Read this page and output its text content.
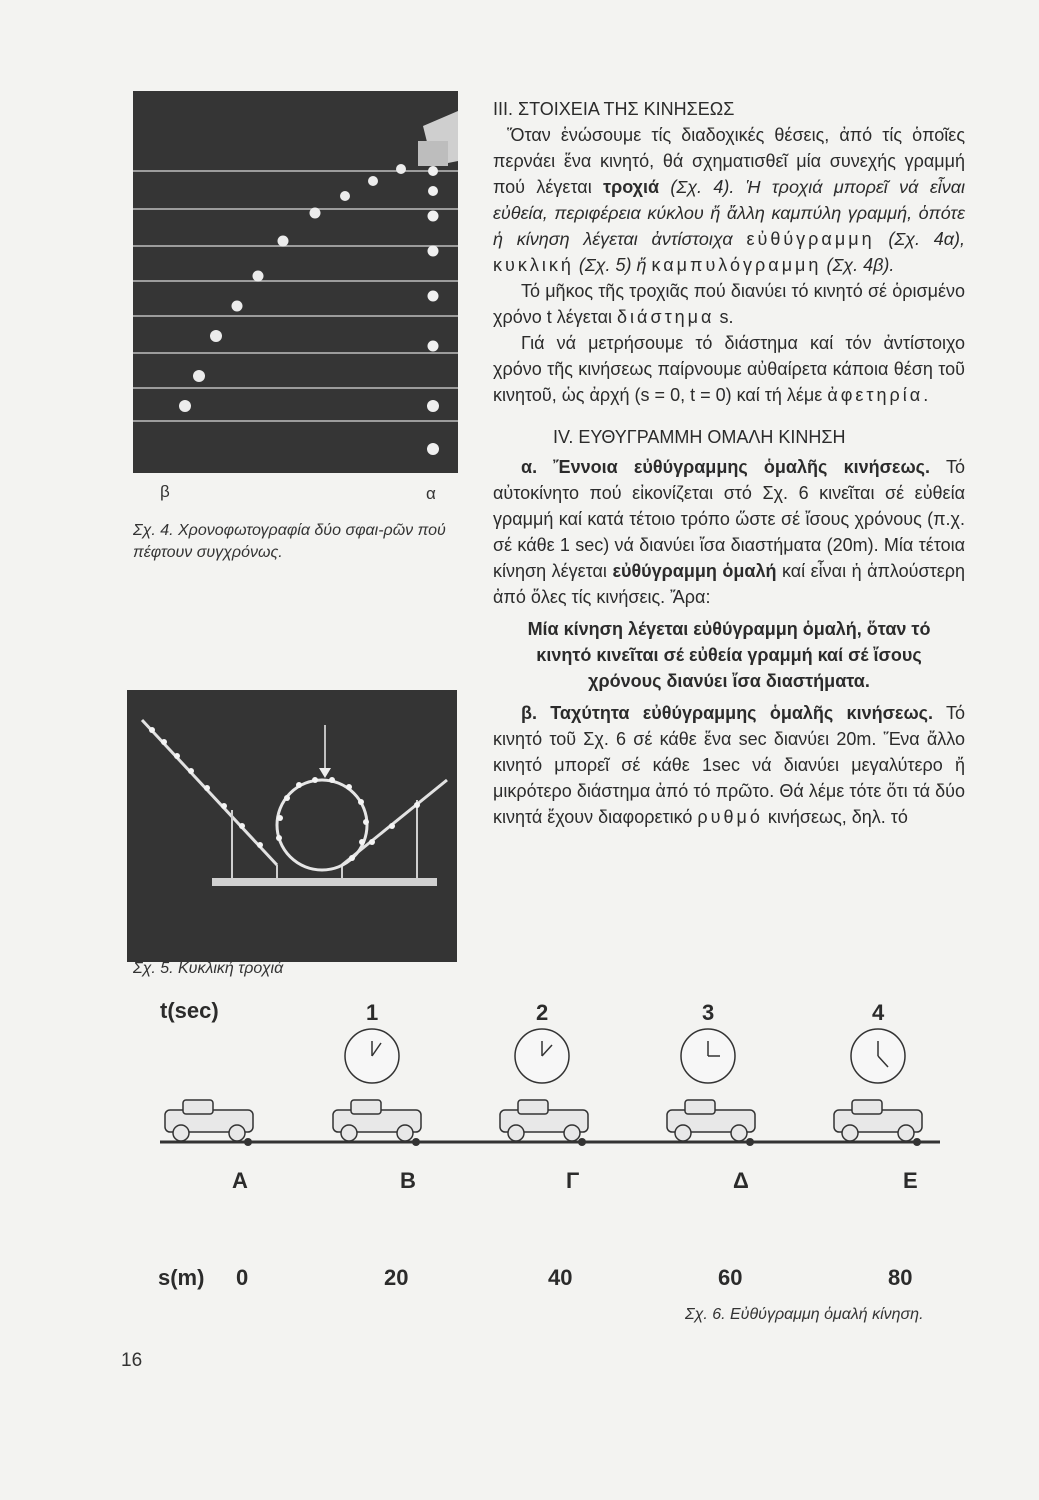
β	α
Σχ. 4. Χρονοφωτογραφία δύο σφαι-ρῶν πού πέφτουν συγχρόνως.
Σχ. 5. Κυκλική τροχιά

III. ΣΤΟΙΧΕΙΑ ΤΗΣ ΚΙΝΗΣΕΩΣ

Ὅταν ἑνώσουμε τίς διαδοχικές θέσεις, ἀπό τίς ὁποῖες περνάει ἕνα κινητό, θά σχηματισθεῖ μία συνεχής γραμμή πού λέγεται τροχιά (Σχ. 4). Ἡ τροχιά μπορεῖ νά εἶναι εὐθεία, περιφέρεια κύκλου ἤ ἄλλη καμπύλη γραμμή, ὁπότε ἡ κίνηση λέγεται ἀντίστοιχα εὐθύγραμμη (Σχ. 4α), κυκλική (Σχ. 5) ἤ καμπυλόγραμμη (Σχ. 4β).

Τό μῆκος τῆς τροχιᾶς πού διανύει τό κινητό σέ ὁρισμένο χρόνο t λέγεται διάστημα s.

Γιά νά μετρήσουμε τό διάστημα καί τόν ἀντίστοιχο χρόνο τῆς κινήσεως παίρνουμε αὐθαίρετα κάποια θέση τοῦ κινητοῦ, ὡς ἀρχή (s = 0, t = 0) καί τή λέμε ἀφετηρία.

IV. ΕΥΘΥΓΡΑΜΜΗ ΟΜΑΛΗ ΚΙΝΗΣΗ

α. Ἔννοια εὐθύγραμμης ὁμαλῆς κινήσεως. Τό αὐτοκίνητο πού εἰκονίζεται στό Σχ. 6 κινεῖται σέ εὐθεία γραμμή καί κατά τέτοιο τρόπο ὥστε σέ ἴσους χρόνους (π.χ. σέ κάθε 1 sec) νά διανύει ἴσα διαστήματα (20m). Μία τέτοια κίνηση λέγεται εὐθύγραμμη ὁμαλή καί εἶναι ἡ ἁπλούστερη ἀπό ὅλες τίς κινήσεις. Ἄρα:

Μία κίνηση λέγεται εὐθύγραμμη ὁμαλή, ὅταν τό κινητό κινεῖται σέ εὐθεία γραμμή καί σέ ἴσους χρόνους διανύει ἴσα διαστήματα.

β. Ταχύτητα εὐθύγραμμης ὁμαλῆς κινήσεως. Τό κινητό τοῦ Σχ. 6 σέ κάθε ἕνα sec διανύει 20m. Ἕνα ἄλλο κινητό μπορεῖ σέ κάθε 1sec νά διανύει μεγαλύτερο ἤ μικρότερο διάστημα ἀπό τό πρῶτο. Θά λέμε τότε ὅτι τά δύο κινητά ἔχουν διαφορετικό ρυθμό κινήσεως, δηλ. τό

t(sec)	1	2	3	4
Α	Β	Γ	Δ	Ε
s(m) 0	20	40	60	80
Σχ. 6. Εὐθύγραμμη ὁμαλή κίνηση.
16
